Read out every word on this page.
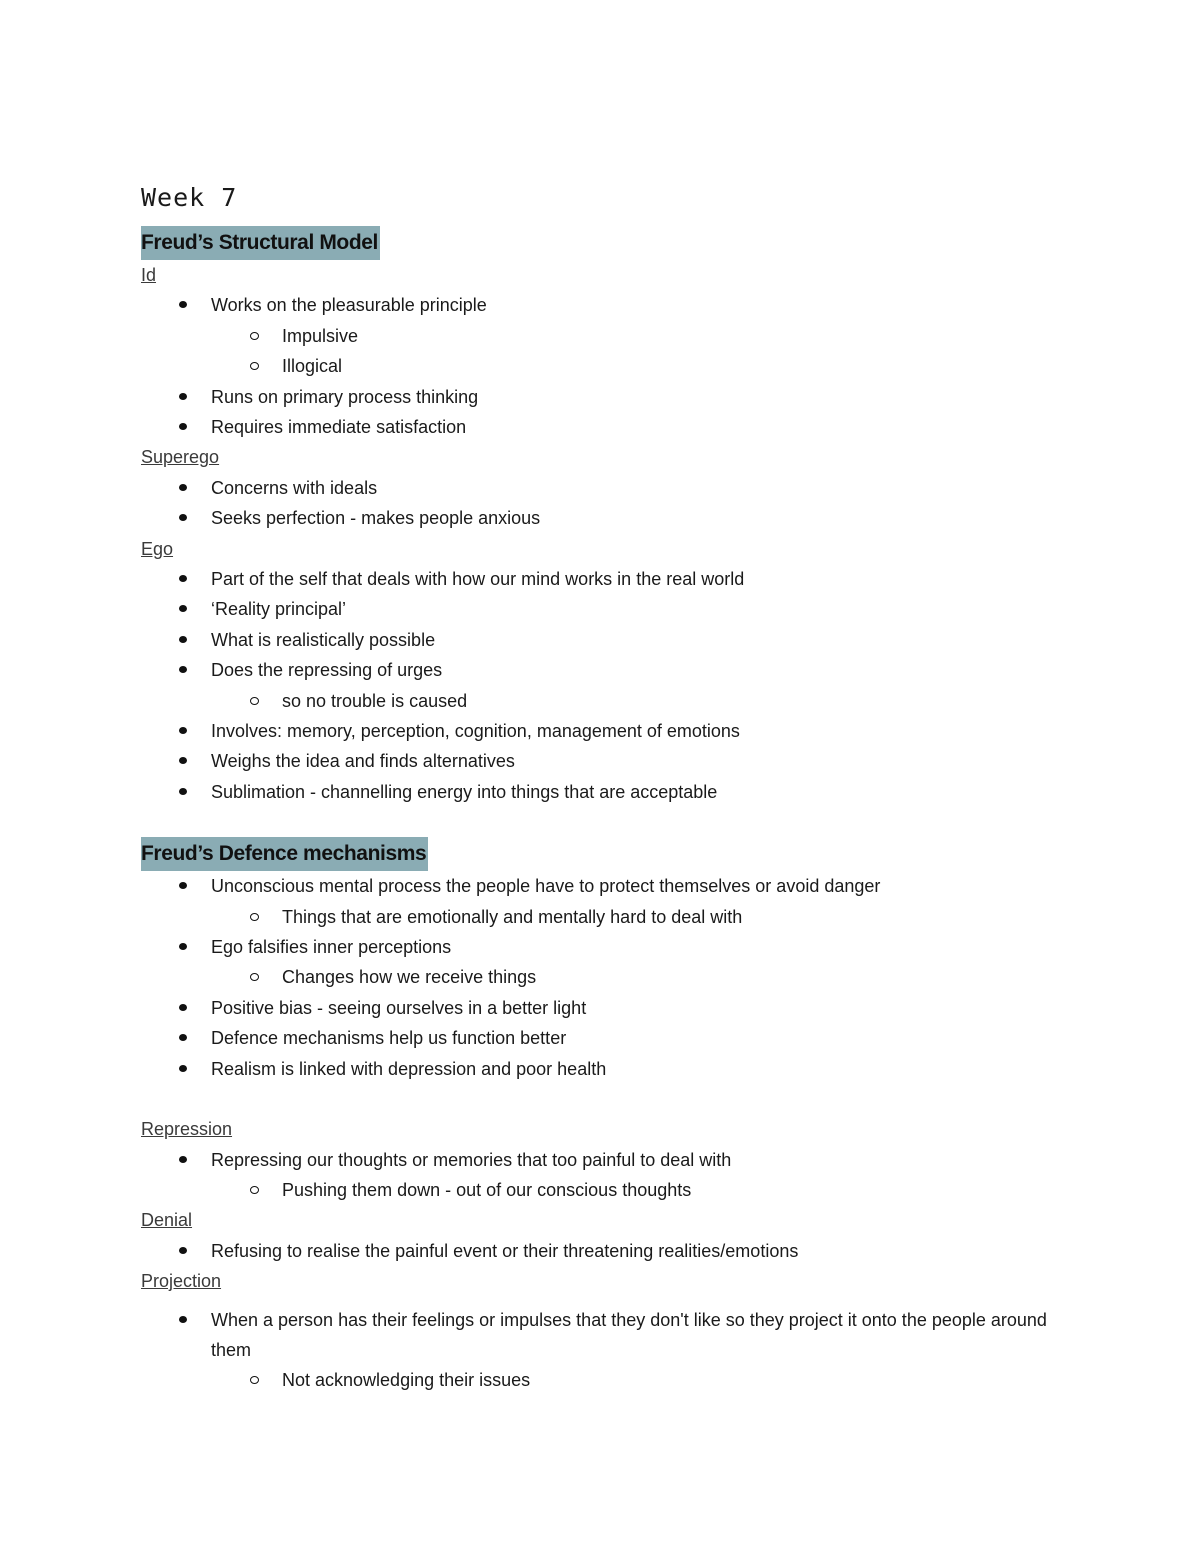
Week 7
Freud’s Structural Model
Id
Works on the pleasurable principle
Impulsive
Illogical
Runs on primary process thinking
Requires immediate satisfaction
Superego
Concerns with ideals
Seeks perfection - makes people anxious
Ego
Part of the self that deals with how our mind works in the real world
‘Reality principal’
What is realistically possible
Does the repressing of urges
so no trouble is caused
Involves: memory, perception, cognition, management of emotions
Weighs the idea and finds alternatives
Sublimation - channelling energy into things that are acceptable
Freud’s Defence mechanisms
Unconscious mental process the people have to protect themselves or avoid danger
Things that are emotionally and mentally hard to deal with
Ego falsifies inner perceptions
Changes how we receive things
Positive bias - seeing ourselves in a better light
Defence mechanisms help us function better
Realism is linked with depression and poor health
Repression
Repressing our thoughts or memories that too painful to deal with
Pushing them down - out of our conscious thoughts
Denial
Refusing to realise the painful event or their threatening realities/emotions
Projection
When a person has their feelings or impulses that they don't like so they project it onto the people around them
Not acknowledging their issues
